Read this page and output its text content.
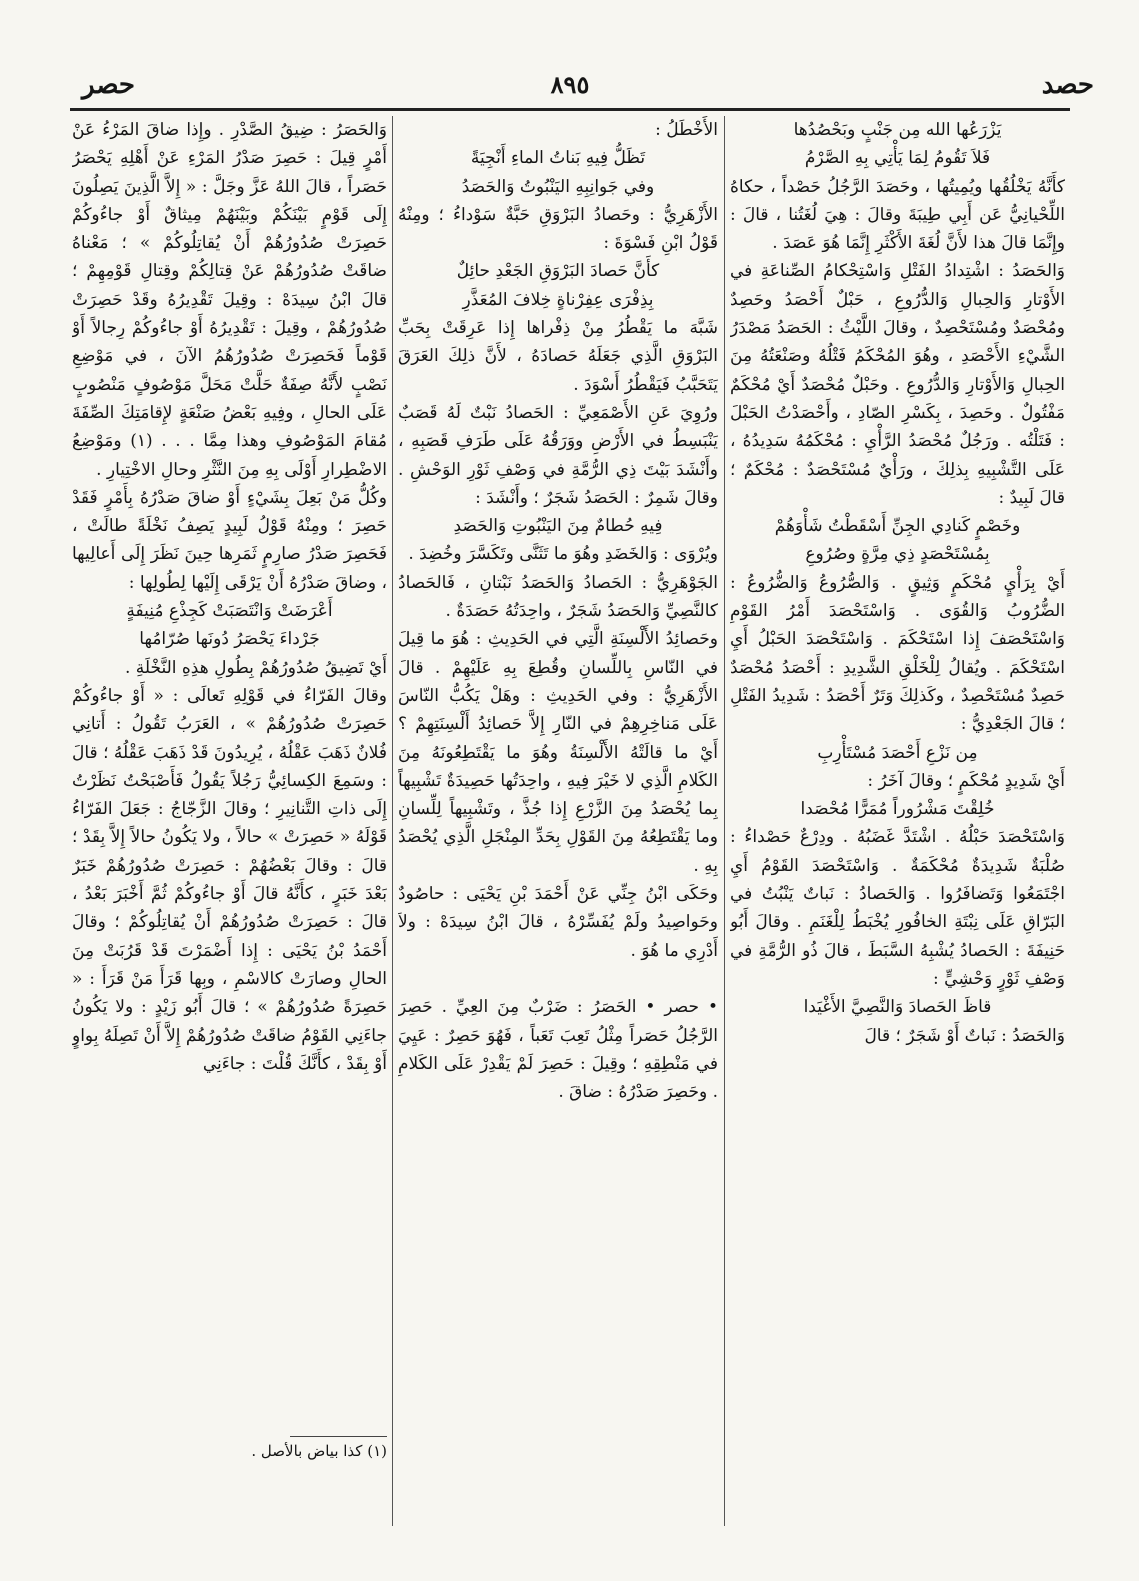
حصد
٨٩٥
حصر

يَزْرَعُها الله مِن جَنْبٍ وبَحْصُدُها

فَلاَ تَقُومُ لِمَا يَأْتِي بِهِ الصَّرْمُ

كأَنَّهُ يَخْلُقُها ويُمِيتُها ، وحَصَدَ الرَّجُلُ حَصْداً ، حكاهُ اللِّحْيانِيُّ عَن أَبِي طِيبَةَ وقالَ : هِيَ لُغَتُنا ، قالَ : وإِنَّمَا قالَ هذا لأَنَّ لُغَةَ الأَكْثَرِ إِنَّمَا هُوَ عَصَدَ .

وَالحَصَدُ : اشْتِدادُ الفَتْلِ وَاسْتِحْكامُ الصِّناعَةِ في الأَوْتارِ وَالحِبالِ وَالدُّرُوعِ ، حَبْلٌ أَحْصَدُ وحَصِدٌ ومُحْصَدٌ ومُسْتَحْصِدٌ ، وقالَ اللَّيْثُ : الحَصَدُ مَصْدَرُ الشَّيْءِ الأَحْصَدِ ، وهُوَ المُحْكَمُ فَتْلُهُ وصَنْعَتُهُ مِنَ الحِبالِ وَالأَوْتارِ وَالدُّرُوعِ . وحَبْلٌ مُحْصَدٌ أَيْ مُحْكَمٌ مَفْتُولٌ . وحَصِدَ ، بِكَسْرِ الصّادِ ، وأَحْصَدْتُ الحَبْلَ : فَتَلْتُه . ورَجُلٌ مُحْصَدُ الرَّأْيِ : مُحْكَمُهُ سَدِيدُهُ ، عَلَى التَّشْبِيهِ بِذلِكَ ، ورَأْيٌ مُسْتَحْصَدٌ : مُحْكَمٌ ؛ قالَ لَبِيدٌ :

وخَصْمٍ كَنادِي الجِنِّ أَسْقَطْتُ شَأْوَهُمْ

بِمُسْتَحْصَدٍ ذِي مِرَّةٍ وصُرُوعِ

أَيْ بِرَأْيٍ مُحْكَمٍ وَثِيقٍ . وَالصُّرُوعُ وَالضُّرُوعُ : الضُّرُوبُ وَالقُوَى . وَاسْتَحْصَدَ أَمْرُ القَوْمِ وَاسْتَحْصَفَ إِذا اسْتَحْكَمَ . وَاسْتَحْصَدَ الحَبْلُ أَيِ اسْتَحْكَمَ . ويُقالُ لِلْخَلْقِ الشَّدِيدِ : أَحْصَدُ مُحْصَدٌ حَصِدٌ مُسْتَحْصِدٌ ، وكَذلِكَ وَتَرٌ أَحْصَدُ : شَدِيدُ الفَتْلِ ؛ قالَ الجَعْدِيُّ :

مِن نَزْعِ أَحْصَدَ مُسْتَأْرِبِ

أَيْ شَدِيدٍ مُحْكَمٍ ؛ وقالَ آخَرُ :

خُلِقْتَ مَشْرُوراً مُمَرًّا مُحْصَدا

وَاسْتَحْصَدَ حَبْلُهُ . اشْتَدَّ غَضَبُهُ . ودِرْعٌ حَصْداءُ : صُلْبَةٌ شَدِيدَةٌ مُحْكَمَةٌ . وَاسْتَحْصَدَ القَوْمُ أَيِ اجْتَمَعُوا وَتَضافَرُوا . وَالحَصادُ : نَباتٌ يَنْبُتُ في البَرّاقِ عَلَى نِبْتَةِ الخافُورِ يُخْبَطُ لِلْغَنَمِ . وقالَ أَبُو حَنِيفَةَ : الحَصادُ يُشْبِهُ السَّبَطَ ، قالَ ذُو الرُّمَّةِ في وَصْفِ ثَوْرٍ وَحْشِيٍّ :

قاظَ الحَصادَ وَالنَّصِيَّ الأَغْيَدا

وَالحَصَدُ : نَباتٌ أَوْ شَجَرٌ ؛ قالَ

الأَخْطَلُ :

تَظَلُّ فِيهِ بَناتُ الماءِ أَنْجِيَةً

وفي جَوانِبِهِ اليَنْبُوتُ وَالحَصَدُ

الأَزْهَرِيُّ : وحَصادُ البَرْوَقِ حَبَّةٌ سَوْداءُ ؛ ومِنْهُ قَوْلُ ابْنِ فَسْوَةَ :

كأَنَّ حَصادَ البَرْوَقِ الجَعْدِ حائِلٌ

بِذِفْرَى عِفِرْناةٍ خِلافَ المُعَذَّرِ

شَبَّهَ ما يَقْطُرُ مِنْ ذِفْراها إِذا عَرِقَتْ بِحَبِّ البَرْوَقِ الَّذِي جَعَلَهُ حَصادَهُ ، لأَنَّ ذلِكَ العَرَقَ يَتَحَبَّبُ فَيَقْطُرُ أَسْوَدَ .

ورُوِيَ عَنِ الأَصْمَعِيِّ : الحَصادُ نَبْتٌ لَهُ قَصَبٌ يَنْبَسِطُ في الأَرْضِ ووَرَقُهُ عَلَى طَرَفِ قَصَبِهِ ، وأَنْشَدَ بَيْتَ ذِي الرُّمَّةِ في وَصْفِ ثَوْرِ الوَحْشِ . وقالَ شَمِرٌ : الحَصَدُ شَجَرٌ ؛ وأَنْشَدَ :

فِيهِ حُطامٌ مِنَ اليَنْبُوتِ وَالحَصَدِ

ويُرْوَى : وَالخَضَدِ وهُوَ ما تَثَنَّى وتَكَسَّرَ وخُضِدَ .

الجَوْهَرِيُّ : الحَصادُ وَالحَصَدُ نَبْتانِ ، فَالحَصادُ كالنَّصِيِّ وَالحَصَدُ شَجَرٌ ، واحِدَتُهُ حَصَدَةٌ .

وحَصائِدُ الأَلْسِنَةِ الَّتِي في الحَدِيثِ : هُوَ ما قِيلَ في النّاسِ بِاللِّسانِ وقُطِعَ بِهِ عَلَيْهِمْ . قالَ الأَزْهَرِيُّ : وفي الحَدِيثِ : وهَلْ يَكُبُّ النّاسَ عَلَى مَناخِرِهِمْ في النّارِ إِلاَّ حَصائِدُ أَلْسِنَتِهِمْ ؟ أَيْ ما قالَتْهُ الأَلْسِنَةُ وهُوَ ما يَقْتَطِعُونَهُ مِنَ الكَلامِ الَّذِي لا خَيْرَ فِيهِ ، واحِدَتُها حَصِيدَةٌ تَشْبِيهاً بِما يُحْصَدُ مِنَ الزَّرْعِ إِذا جُذَّ ، وتَشْبِيهاً لِلِّسانِ وما يَقْتَطِعُهُ مِنَ القَوْلِ بِحَدِّ المِنْجَلِ الَّذِي يُحْصَدُ بِهِ .

وحَكَى ابْنُ جِنِّي عَنْ أَحْمَدَ بْنِ يَحْيَى : حاصُودٌ وحَواصِيدُ ولَمْ يُفَسِّرْهُ ، قالَ ابْنُ سِيدَهْ : ولاَ أَدْرِي ما هُوَ .

• حصر • الحَصَرُ : ضَرْبٌ مِنَ العِيِّ . حَصِرَ الرَّجُلُ حَصَراً مِثْلُ تَعِبَ تَعَباً ، فَهُوَ حَصِرٌ : عَيِيَ في مَنْطِقِهِ ؛ وقِيلَ : حَصِرَ لَمْ يَقْدِرْ عَلَى الكَلامِ . وحَصِرَ صَدْرُهُ : ضاقَ .

وَالحَصَرُ : ضِيقُ الصَّدْرِ . وإِذا ضاقَ المَرْءُ عَنْ أَمْرٍ قِيلَ : حَصِرَ صَدْرُ المَرْءِ عَنْ أَهْلِهِ يَحْصَرُ حَصَراً ، قالَ اللهُ عَزَّ وجَلَّ : « إِلاَّ الَّذِينَ يَصِلُونَ إِلَى قَوْمٍ بَيْنَكُمْ وبَيْنَهُمْ مِيثاقٌ أَوْ جاءُوكُمْ حَصِرَتْ صُدُورُهُمْ أَنْ يُقاتِلُوكُمْ » ؛ مَعْناهُ ضاقَتْ صُدُورُهُمْ عَنْ قِتالِكُمْ وقِتالِ قَوْمِهِمْ ؛ قالَ ابْنُ سِيدَهْ : وقِيلَ تَقْدِيرُهُ وقَدْ حَصِرَتْ صُدُورُهُمْ ، وقِيلَ : تَقْدِيرُهُ أَوْ جاءُوكُمْ رِجالاً أَوْ قَوْماً فَحَصِرَتْ صُدُورُهُمُ الآنَ ، في مَوْضِعِ نَصْبٍ لأَنَّهُ صِفَةٌ حَلَّتْ مَحَلَّ مَوْصُوفٍ مَنْصُوبٍ عَلَى الحالِ ، وفِيهِ بَعْضُ صَنْعَةٍ لإِقامَتِكَ الصِّفَةَ مُقامَ المَوْصُوفِ وهذا مِمَّا . . . (١) ومَوْضِعُ الاضْطِرارِ أَوْلَى بِهِ مِنَ النَّثْرِ وحالِ الاخْتِيارِ .

وكُلُّ مَنْ بَعِلَ بِشَيْءٍ أَوْ ضاقَ صَدْرُهُ بِأَمْرٍ فَقَدْ حَصِرَ ؛ ومِنْهُ قَوْلُ لَبِيدٍ يَصِفُ نَخْلَةً طالَتْ ، فَحَصِرَ صَدْرُ صارِمٍ ثَمَرِها حِينَ نَظَرَ إِلَى أَعالِيها ، وضاقَ صَدْرُهُ أَنْ يَرْقَى إِلَيْها لِطُولِها :

أَعْرَضَتْ وَانْتَصَبَتْ كَجِذْعِ مُنِيفَةٍ

جَرْداءَ يَحْصَرُ دُونَها صُرّامُها

أَيْ تَضِيقُ صُدُورُهُمْ بِطُولِ هذِهِ النَّخْلَةِ .

وقالَ الفَرّاءُ في قَوْلِهِ تَعالَى : « أَوْ جاءُوكُمْ حَصِرَتْ صُدُورُهُمْ » ، العَرَبُ تَقُولُ : أَتانِي فُلانٌ ذَهَبَ عَقْلُهُ ، يُرِيدُونَ قَدْ ذَهَبَ عَقْلُهُ ؛ قالَ : وسَمِعَ الكِسائِيُّ رَجُلاً يَقُولُ فَأَصْبَحْتُ نَظَرْتُ إِلَى ذاتِ التَّنانِيرِ ؛ وقالَ الزَّجّاجُ : جَعَلَ الفَرّاءُ قَوْلَهُ « حَصِرَتْ » حالاً ، ولا يَكُونُ حالاً إِلاَّ بِقَدْ ؛ قالَ : وقالَ بَعْضُهُمْ : حَصِرَتْ صُدُورُهُمْ خَبَرٌ بَعْدَ خَبَرٍ ، كأَنَّهُ قالَ أَوْ جاءُوكُمْ ثُمَّ أَخْبَرَ بَعْدُ ، قالَ : حَصِرَتْ صُدُورُهُمْ أَنْ يُقاتِلُوكُمْ ؛ وقالَ أَحْمَدُ بْنُ يَحْيَى : إِذا أَضْمَرْتَ قَدْ قَرُبَتْ مِنَ الحالِ وصارَتْ كالاسْمِ ، وبِها قَرَأَ مَنْ قَرَأَ : « حَصِرَةً صُدُورُهُمْ » ؛ قالَ أَبُو زَيْدٍ : ولا يَكُونُ جاءَنِي القَوْمُ ضاقَتْ صُدُورُهُمْ إِلاَّ أَنْ تَصِلَهُ بِواوٍ أَوْ بِقَدْ ، كأَنَّكَ قُلْتَ : جاءَنِي

(١) كذا بياض بالأصل .
